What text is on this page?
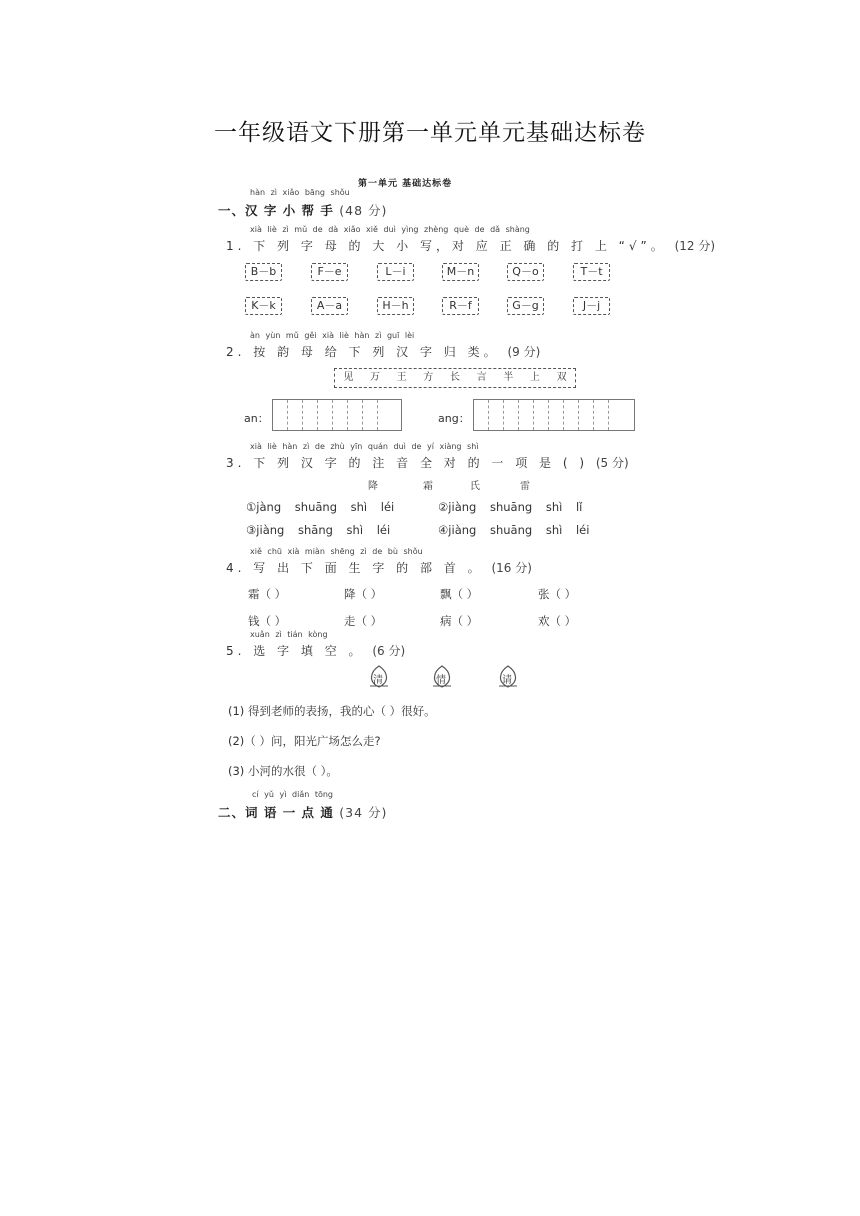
一年级语文下册第一单元单元基础达标卷
第一单元 基础达标卷
hàn zì xiǎo bāng shǒu
一、汉 字 小 帮 手 (48 分)
xià liè zì mǔ de dà xiǎo xiě duì yìng zhèng què de dǎ shàng
1. 下 列 字 母 的 大 小 写，对 应 正 确 的 打 上 “√”。 (12 分)
B－b	F－e	L－i	M－n	Q－o	T－t
K－k	A－a	H－h	R－f	G－g	J－j
àn yùn mǔ gěi xià liè hàn zì guī lèi
2. 按 韵 母 给 下 列 汉 字 归 类。 (9 分)
见 万 王 方 长 言 半 上 双
an：	ang：
xià liè hàn zì de zhù yīn quán duì de yí xiàng shì
3. 下 列 汉 字 的 注 音 全 对 的 一 项 是 ( ) (5 分)
降	霜	氏	雷
①jàng shuāng shì léi	②jiàng shuāng shì lǐ
③jiàng shāng shì léi	④jiàng shuāng shì léi
xiě chū xià miàn shēng zì de bù shǒu
4. 写 出 下 面 生 字 的 部 首 。 (16 分)
霜（ ）	降（ ）	飘（ ）	张（ ）
钱（ ）	走（ ）	病（ ）	欢（ ）
xuǎn zì tián kòng
5. 选 字 填 空 。 (6 分)
清	情	请
(1) 得到老师的表扬，我的心（ ）很好。
(2)（ ）问，阳光广场怎么走?
(3) 小河的水很（ ）。
cí yǔ yì diǎn tōng
二、词 语 一 点 通 (34 分)
